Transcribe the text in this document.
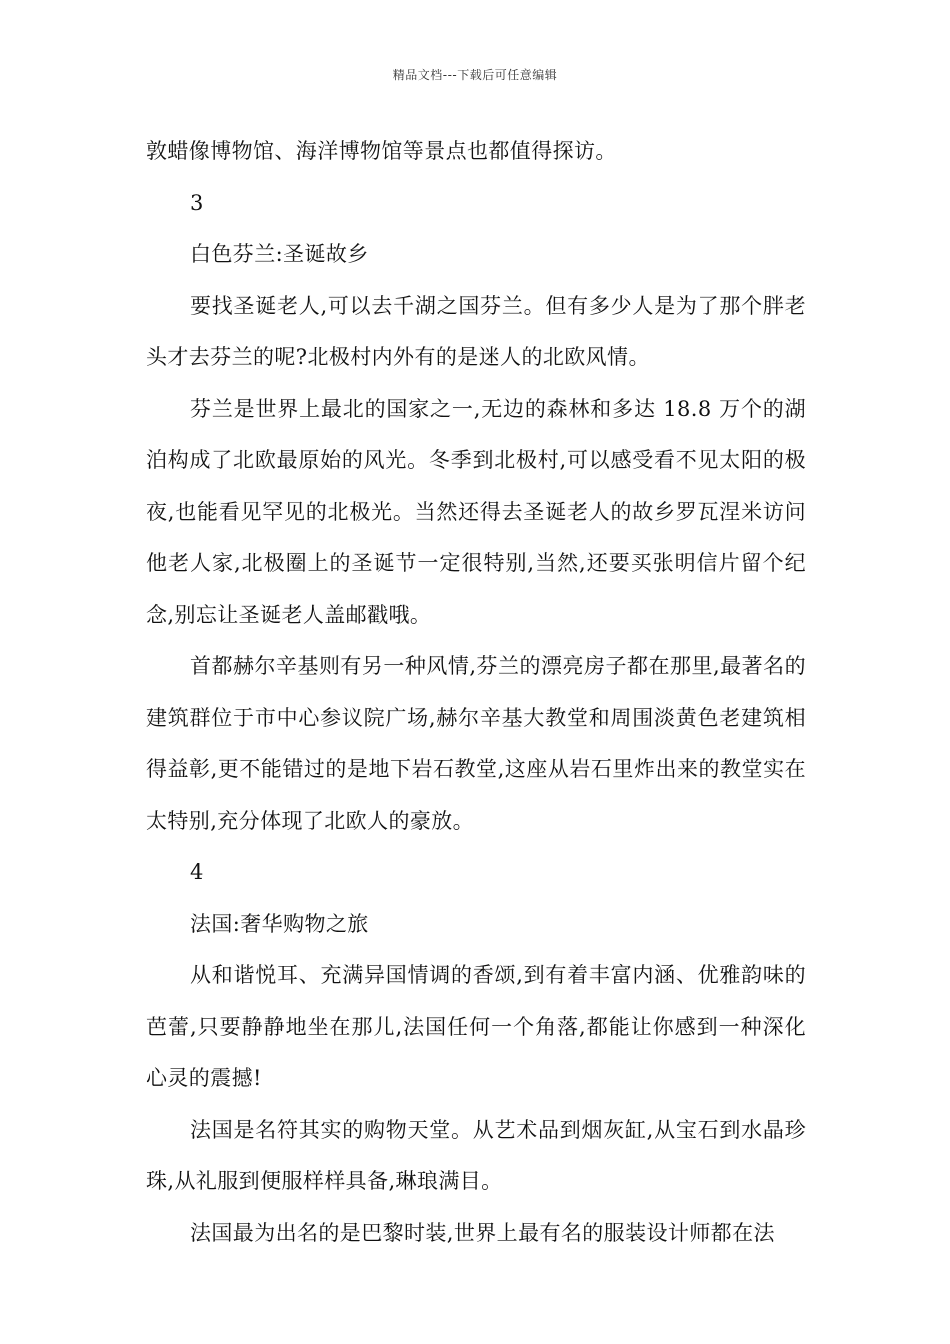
精品文档---下载后可任意编辑

敦蜡像博物馆、海洋博物馆等景点也都值得探访。

3

白色芬兰:圣诞故乡

要找圣诞老人,可以去千湖之国芬兰。但有多少人是为了那个胖老头才去芬兰的呢?北极村内外有的是迷人的北欧风情。

芬兰是世界上最北的国家之一,无边的森林和多达 18.8 万个的湖泊构成了北欧最原始的风光。冬季到北极村,可以感受看不见太阳的极夜,也能看见罕见的北极光。当然还得去圣诞老人的故乡罗瓦涅米访问他老人家,北极圈上的圣诞节一定很特别,当然,还要买张明信片留个纪念,别忘让圣诞老人盖邮戳哦。

首都赫尔辛基则有另一种风情,芬兰的漂亮房子都在那里,最著名的建筑群位于市中心参议院广场,赫尔辛基大教堂和周围淡黄色老建筑相得益彰,更不能错过的是地下岩石教堂,这座从岩石里炸出来的教堂实在太特别,充分体现了北欧人的豪放。

4

法国:奢华购物之旅

从和谐悦耳、充满异国情调的香颂,到有着丰富内涵、优雅韵味的芭蕾,只要静静地坐在那儿,法国任何一个角落,都能让你感到一种深化心灵的震撼!

法国是名符其实的购物天堂。从艺术品到烟灰缸,从宝石到水晶珍珠,从礼服到便服样样具备,琳琅满目。

法国最为出名的是巴黎时装,世界上最有名的服装设计师都在法
